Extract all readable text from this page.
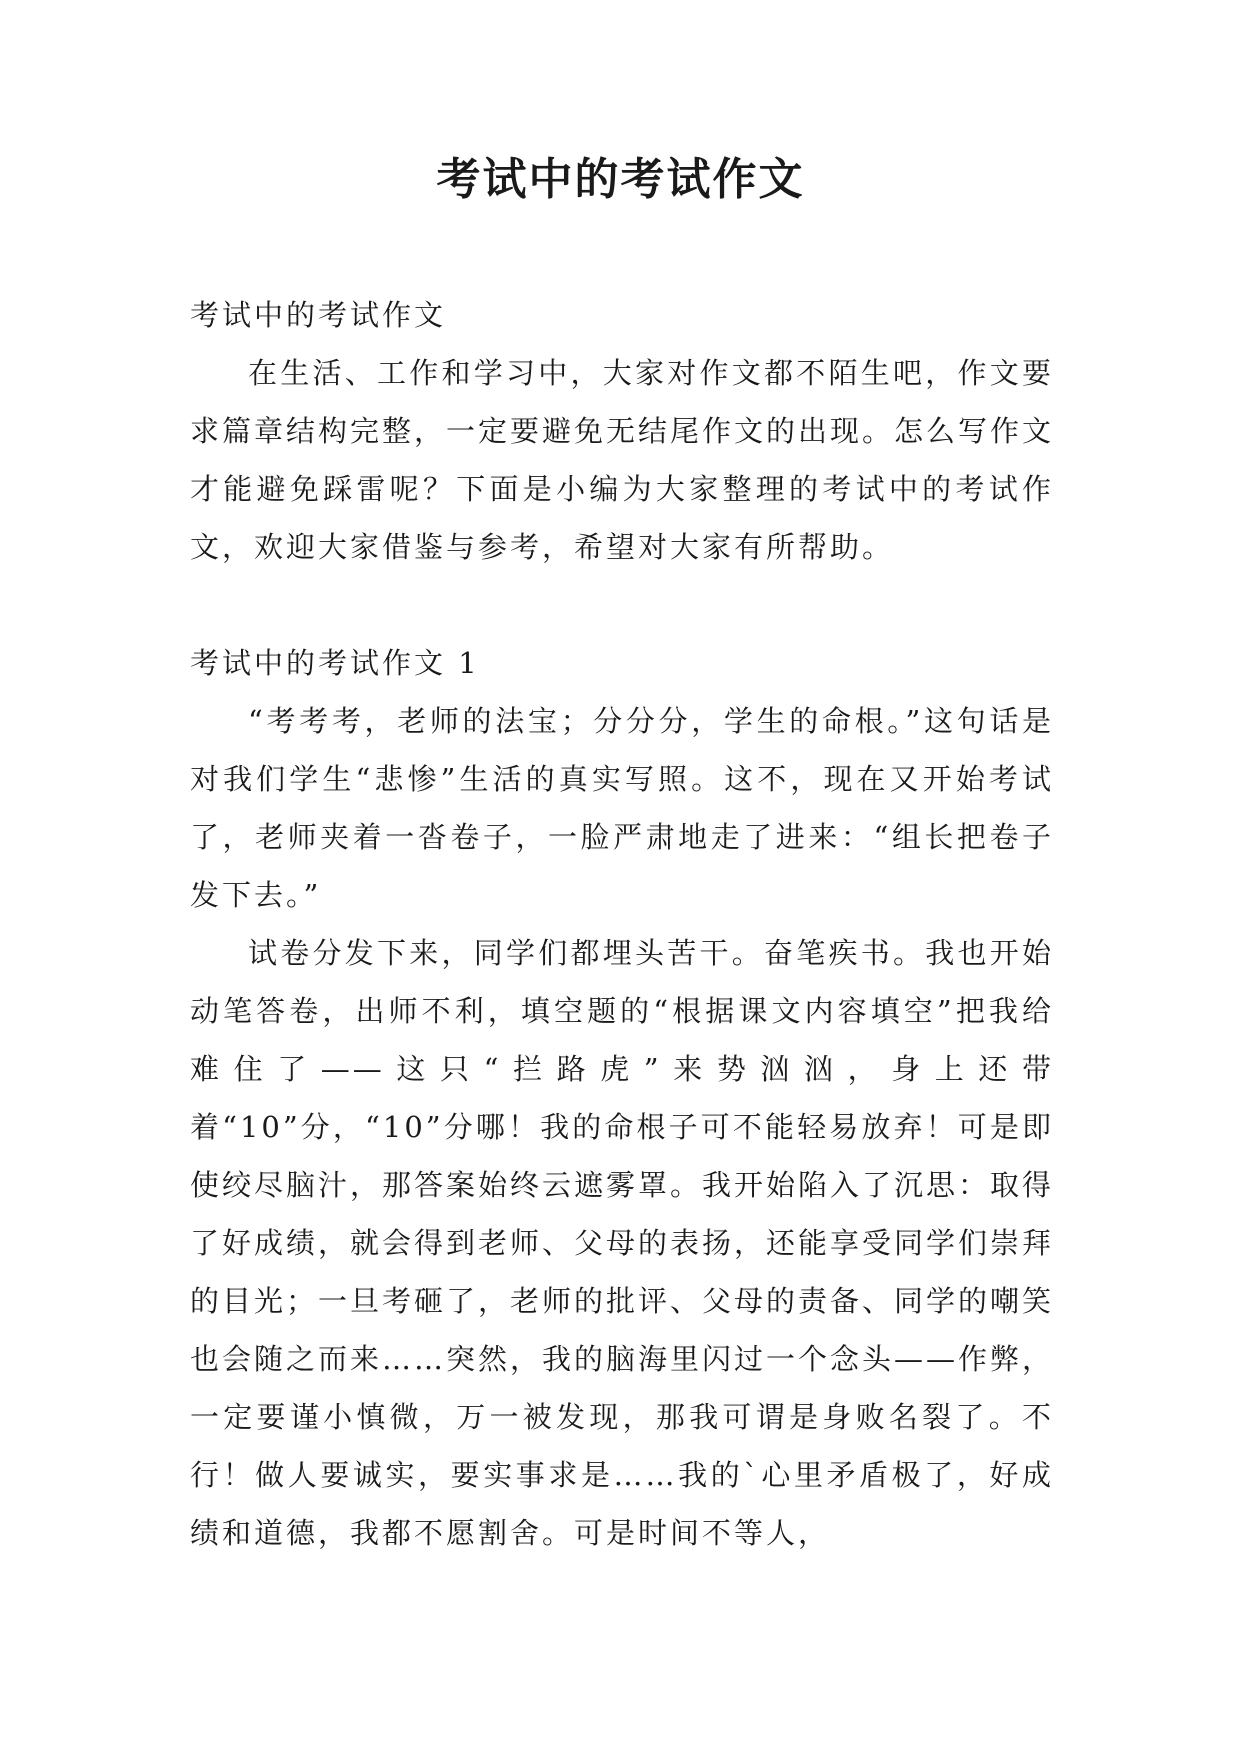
考试中的考试作文

考试中的考试作文

在生活、工作和学习中，大家对作文都不陌生吧，作文要求篇章结构完整，一定要避免无结尾作文的出现。怎么写作文才能避免踩雷呢？下面是小编为大家整理的考试中的考试作文，欢迎大家借鉴与参考，希望对大家有所帮助。

考试中的考试作文 1

“考考考，老师的法宝；分分分，学生的命根。”这句话是对我们学生“悲惨”生活的真实写照。这不，现在又开始考试了，老师夹着一沓卷子，一脸严肃地走了进来：“组长把卷子发下去。”

试卷分发下来，同学们都埋头苦干。奋笔疾书。我也开始动笔答卷，出师不利，填空题的“根据课文内容填空”把我给难住了——这只“拦路虎”来势汹汹，身上还带着“10”分，“10”分哪！我的命根子可不能轻易放弃！可是即使绞尽脑汁，那答案始终云遮雾罩。我开始陷入了沉思：取得了好成绩，就会得到老师、父母的表扬，还能享受同学们崇拜的目光；一旦考砸了，老师的批评、父母的责备、同学的嘲笑也会随之而来……突然，我的脑海里闪过一个念头——作弊，一定要谨小慎微，万一被发现，那我可谓是身败名裂了。不行！做人要诚实，要实事求是……我的`心里矛盾极了，好成绩和道德，我都不愿割舍。可是时间不等人，
